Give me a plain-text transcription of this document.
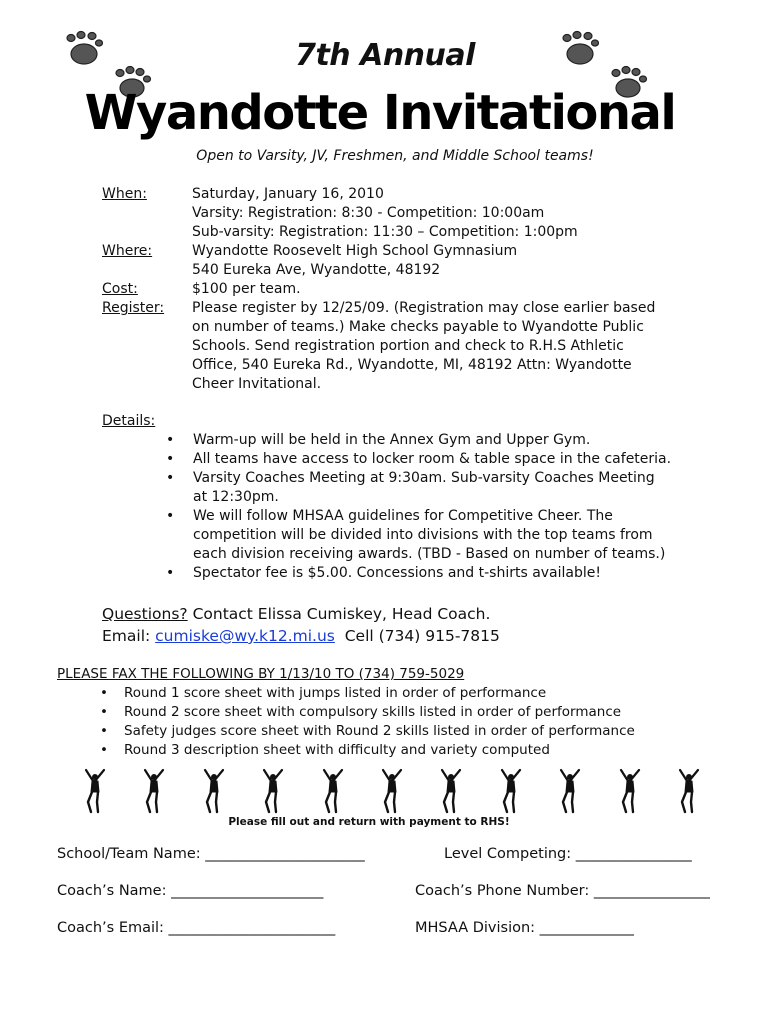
7th Annual
Wyandotte Invitational
Open to Varsity, JV, Freshmen, and Middle School teams!
When:	Saturday, January 16, 2010
Varsity: Registration: 8:30 - Competition: 10:00am
Sub-varsity: Registration: 11:30 – Competition: 1:00pm
Where:	Wyandotte Roosevelt High School Gymnasium
540 Eureka Ave, Wyandotte, 48192
Cost:	$100 per team.
Register:	Please register by 12/25/09. (Registration may close earlier based
on number of teams.) Make checks payable to Wyandotte Public
Schools. Send registration portion and check to R.H.S Athletic
Office, 540 Eureka Rd., Wyandotte, MI, 48192 Attn: Wyandotte
Cheer Invitational.
Details:
•	Warm-up will be held in the Annex Gym and Upper Gym.
•	All teams have access to locker room & table space in the cafeteria.
•	Varsity Coaches Meeting at 9:30am. Sub-varsity Coaches Meeting
at 12:30pm.
•	We will follow MHSAA guidelines for Competitive Cheer. The
competition will be divided into divisions with the top teams from
each division receiving awards. (TBD - Based on number of teams.)
•	Spectator fee is $5.00. Concessions and t-shirts available!
Questions? Contact Elissa Cumiskey, Head Coach.
Email: cumiske@wy.k12.mi.us  Cell (734) 915-7815
PLEASE FAX THE FOLLOWING BY 1/13/10 TO (734) 759-5029
•	Round 1 score sheet with jumps listed in order of performance
•	Round 2 score sheet with compulsory skills listed in order of performance
•	Safety judges score sheet with Round 2 skills listed in order of performance
•	Round 3 description sheet with difficulty and variety computed
Please fill out and return with payment to RHS!
School/Team Name: ______________________	Level Competing: ________________
Coach’s Name: _____________________	Coach’s Phone Number: ________________
Coach’s Email: _______________________	MHSAA Division: _____________
